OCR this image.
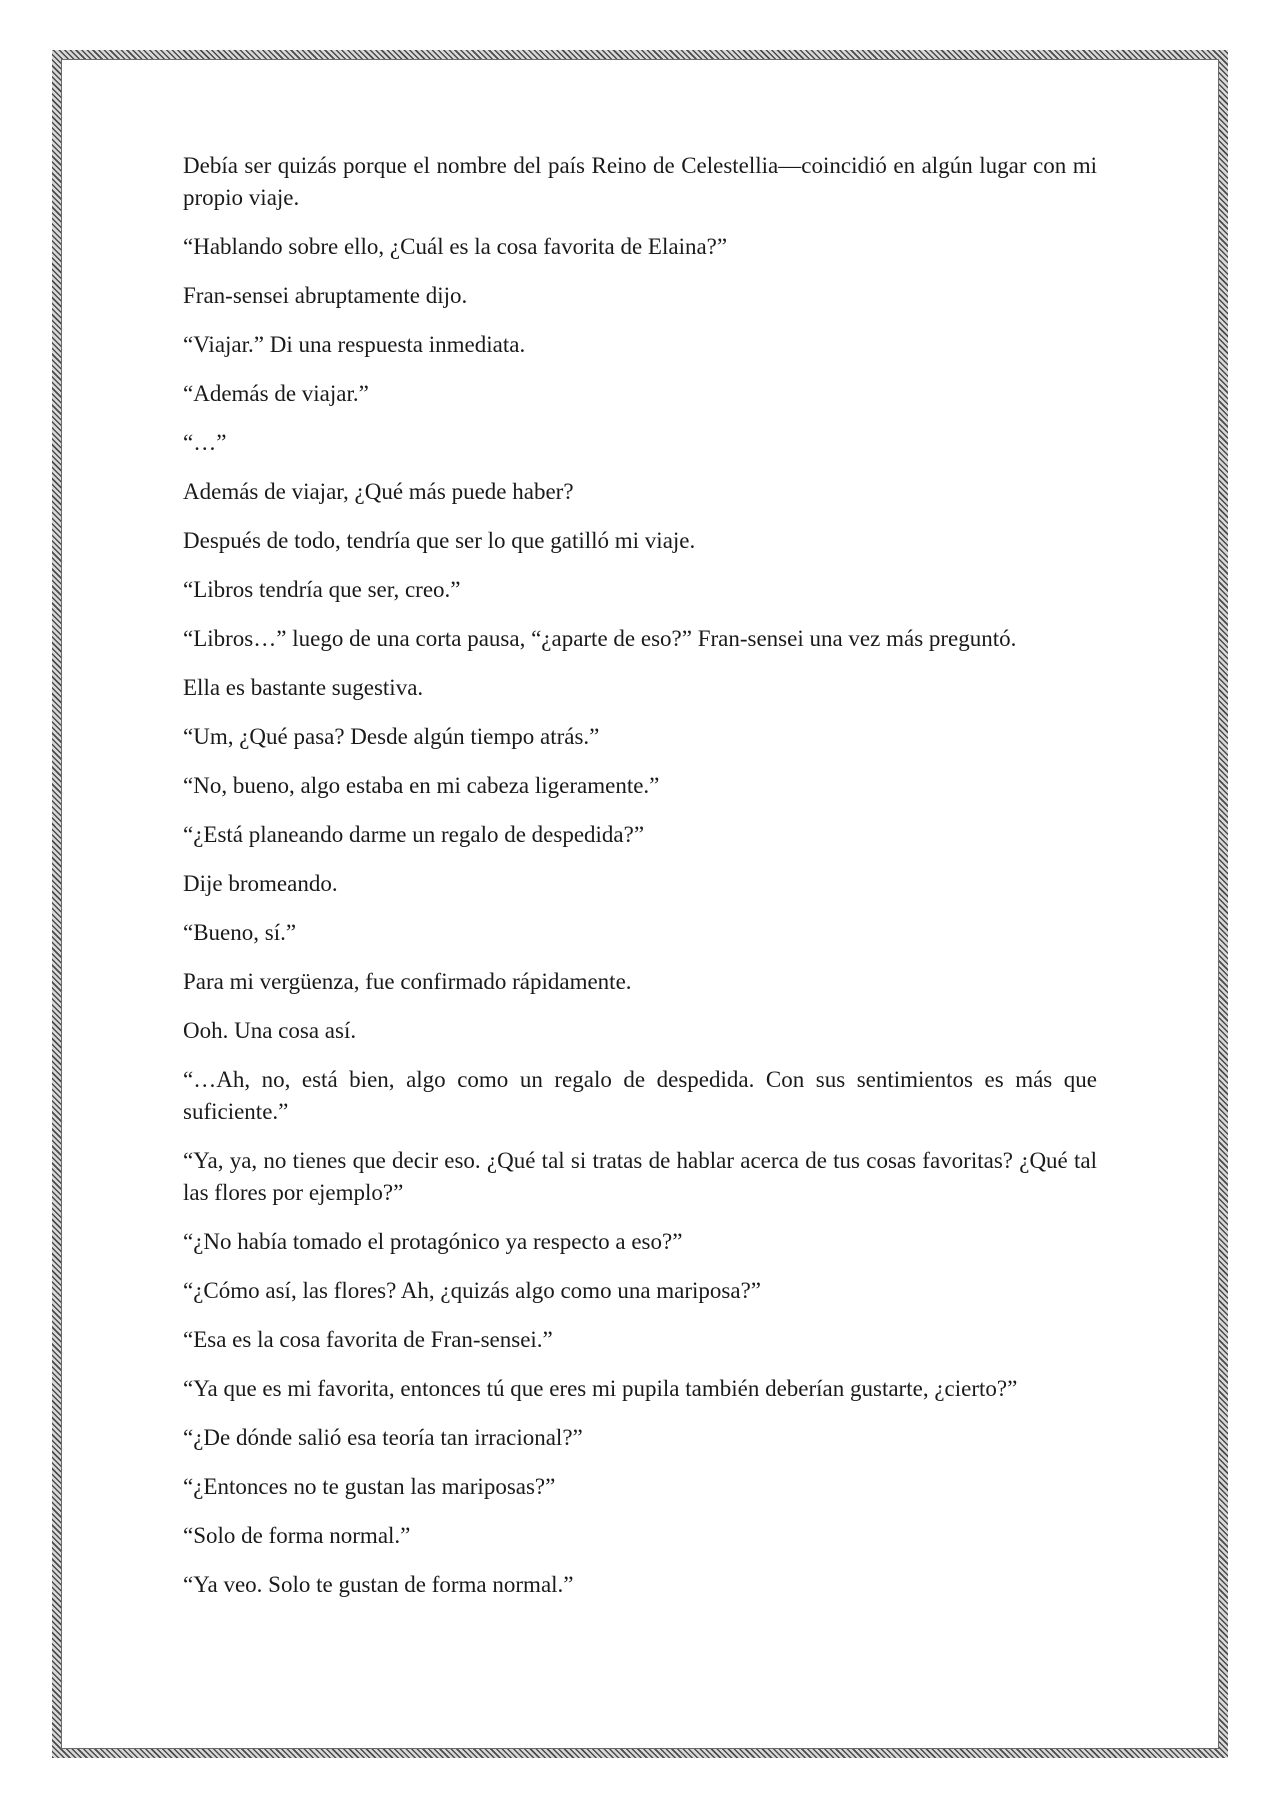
Debía ser quizás porque el nombre del país Reino de Celestellia—coincidió en algún lugar con mi propio viaje.

“Hablando sobre ello, ¿Cuál es la cosa favorita de Elaina?”

Fran-sensei abruptamente dijo.

“Viajar.” Di una respuesta inmediata.

“Además de viajar.”

“…”

Además de viajar, ¿Qué más puede haber?

Después de todo, tendría que ser lo que gatilló mi viaje.

“Libros tendría que ser, creo.”

“Libros…” luego de una corta pausa, “¿aparte de eso?” Fran-sensei una vez más preguntó.

Ella es bastante sugestiva.

“Um, ¿Qué pasa? Desde algún tiempo atrás.”

“No, bueno, algo estaba en mi cabeza ligeramente.”

“¿Está planeando darme un regalo de despedida?”

Dije bromeando.

“Bueno, sí.”

Para mi vergüenza, fue confirmado rápidamente.

Ooh. Una cosa así.

“…Ah, no, está bien, algo como un regalo de despedida. Con sus sentimientos es más que suficiente.”

“Ya, ya, no tienes que decir eso. ¿Qué tal si tratas de hablar acerca de tus cosas favoritas? ¿Qué tal las flores por ejemplo?”

“¿No había tomado el protagónico ya respecto a eso?”

“¿Cómo así, las flores? Ah, ¿quizás algo como una mariposa?”

“Esa es la cosa favorita de Fran-sensei.”

“Ya que es mi favorita, entonces tú que eres mi pupila también deberían gustarte, ¿cierto?”

“¿De dónde salió esa teoría tan irracional?”

“¿Entonces no te gustan las mariposas?”

“Solo de forma normal.”

“Ya veo. Solo te gustan de forma normal.”
